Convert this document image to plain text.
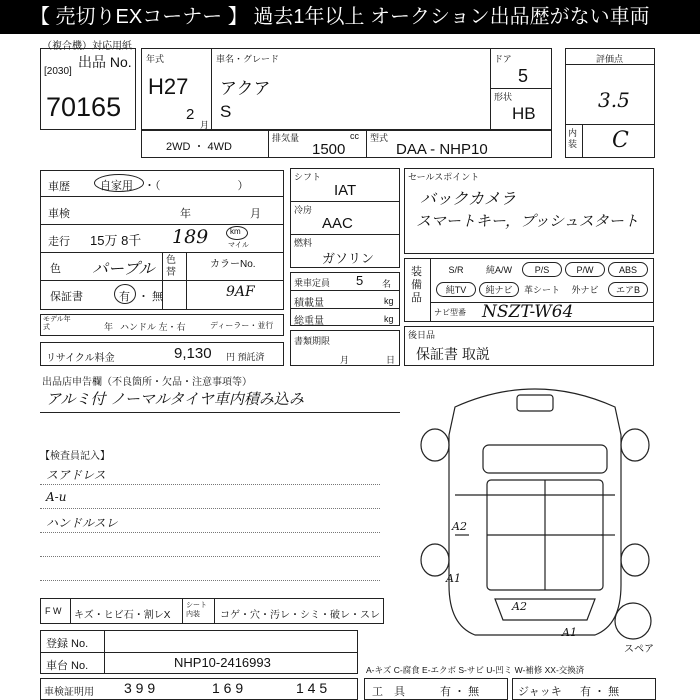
【 売切りEXコーナー 】 過去1年以上 オークション出品歴がない車両
（複合機）対応用紙
出品 No.
[2030]
70165
年式
H27
2
月
車名・グレード
アクア
S
ドア
5
形状
HB
評価点
3.5
内装 C
2WD ・ 4WD
排気量	cc
1500
型式
DAA - NHP10
車歴	自家用 ・（　　　　　　　）
車検	年	月
走行 15万 8千 189	km
マイル
色 パープル 色替
カラーNo.
9AF
保証書	有 ・ 無
モデル年式	年 ハンドル 左・右	ディーラー・並行
リサイクル料金	9,130 円 預託済
シフト
IAT
冷房
AAC
燃料
ガソリン
乗車定員 5 名
積載量	kg
総重量	kg
書類期限
月	日
セールスポイント
バックカメラ
スマートキー，プッシュスタート
装備品
S/R	純A/W	P/S	P/W	ABS
純TV	純ナビ	革シート	外ナビ	エアB
ナビ型番 NSZT-W64
後日品
保証書 取説
出品店申告欄（不良箇所・欠品・注意事項等）
アルミ付 ノーマルタイヤ車内積み込み
【検査員記入】
スアドレス
A-u
ハンドルスレ
F W キズ・ヒビ石・割レX
シート内装	コゲ・穴・汚レ・シミ・破レ・スレ
登録 No.
車台 No.	NHP10-2416993
車検証明用 3 9 9	1 6 9	1 4 5
A-キズ C-腐食 E-エクボ S-サビ U-凹ミ W-補修 XX-交換済
工　具	有 ・ 無	ジャッキ 有 ・ 無
A2
A1
A2
A1
スペア
